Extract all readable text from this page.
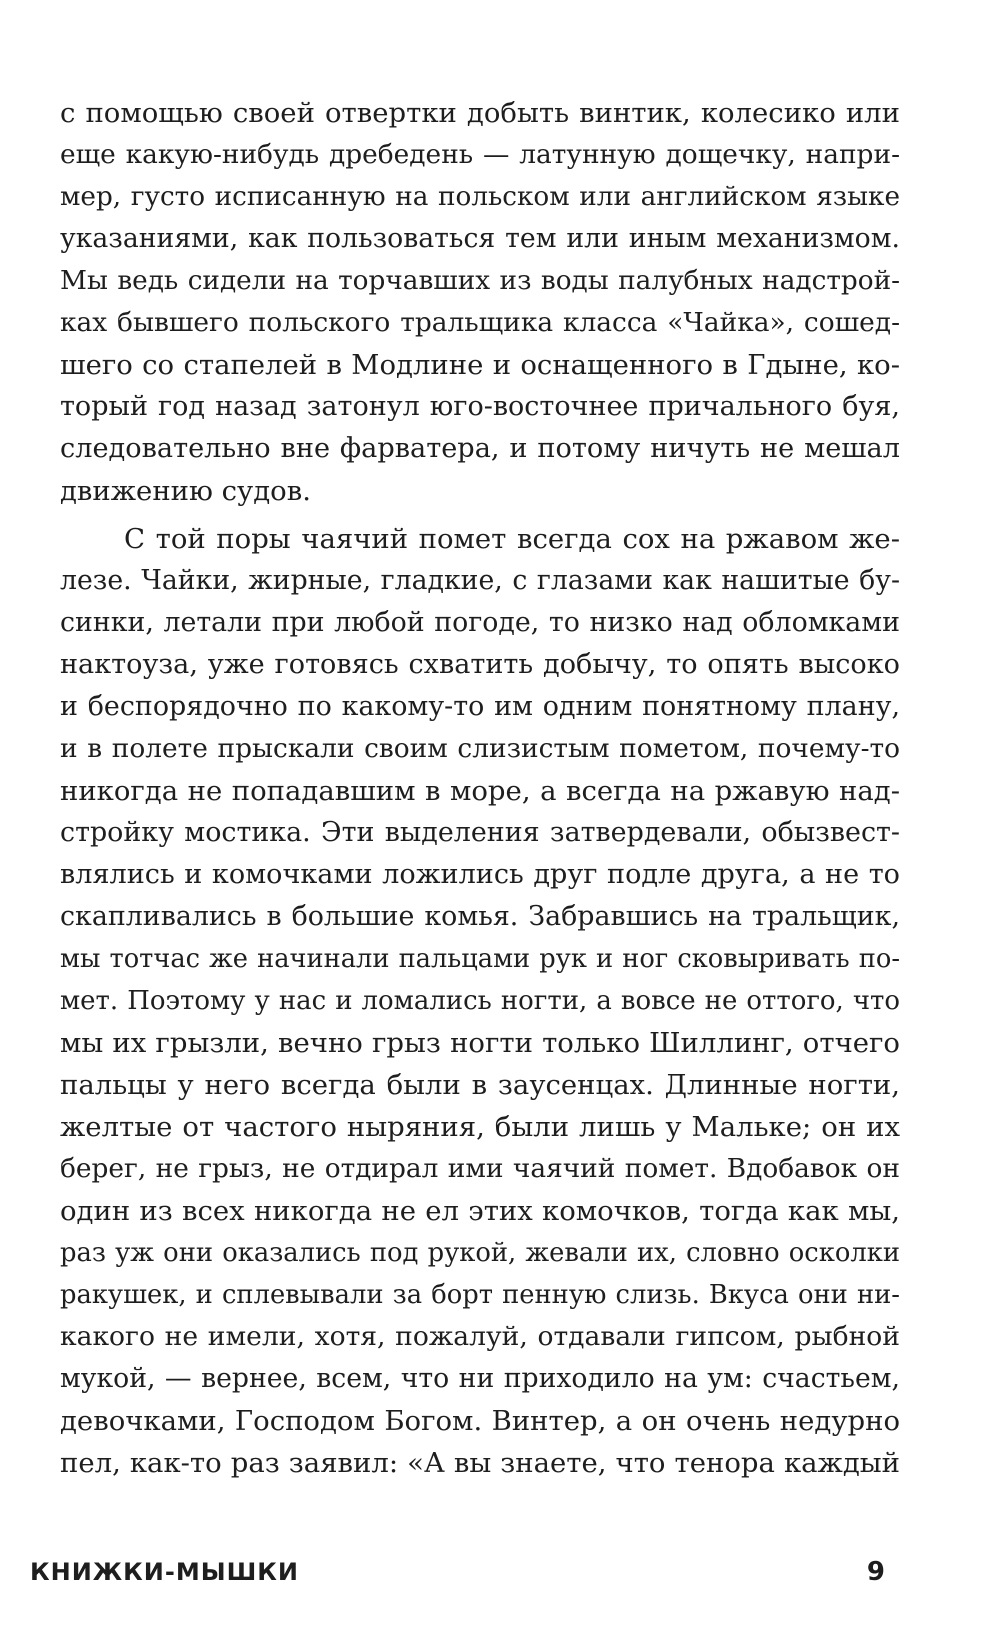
с помощью своей отвертки добыть винтик, колесико или
еще какую-нибудь дребедень — латунную дощечку, напри-
мер, густо исписанную на польском или английском языке
указаниями, как пользоваться тем или иным механизмом.
Мы ведь сидели на торчавших из воды палубных надстрой-
ках бывшего польского тральщика класса «Чайка», сошед-
шего со стапелей в Модлине и оснащенного в Гдыне, ко-
торый год назад затонул юго-восточнее причального буя,
следовательно вне фарватера, и потому ничуть не мешал
движению судов.
С той поры чаячий помет всегда сох на ржавом же-
лезе. Чайки, жирные, гладкие, с глазами как нашитые бу-
синки, летали при любой погоде, то низко над обломками
нактоуза, уже готовясь схватить добычу, то опять высоко
и беспорядочно по какому-то им одним понятному плану,
и в полете прыскали своим слизистым пометом, почему-то
никогда не попадавшим в море, а всегда на ржавую над-
стройку мостика. Эти выделения затвердевали, обызвест-
влялись и комочками ложились друг подле друга, а не то
скапливались в большие комья. Забравшись на тральщик,
мы тотчас же начинали пальцами рук и ног сковыривать по-
мет. Поэтому у нас и ломались ногти, а вовсе не оттого, что
мы их грызли, вечно грыз ногти только Шиллинг, отчего
пальцы у него всегда были в заусенцах. Длинные ногти,
желтые от частого ныряния, были лишь у Мальке; он их
берег, не грыз, не отдирал ими чаячий помет. Вдобавок он
один из всех никогда не ел этих комочков, тогда как мы,
раз уж они оказались под рукой, жевали их, словно осколки
ракушек, и сплевывали за борт пенную слизь. Вкуса они ни-
какого не имели, хотя, пожалуй, отдавали гипсом, рыбной
мукой, — вернее, всем, что ни приходило на ум: счастьем,
девочками, Господом Богом. Винтер, а он очень недурно
пел, как-то раз заявил: «А вы знаете, что тенора каждый
КНИЖКИ-МЫШКИ	9
